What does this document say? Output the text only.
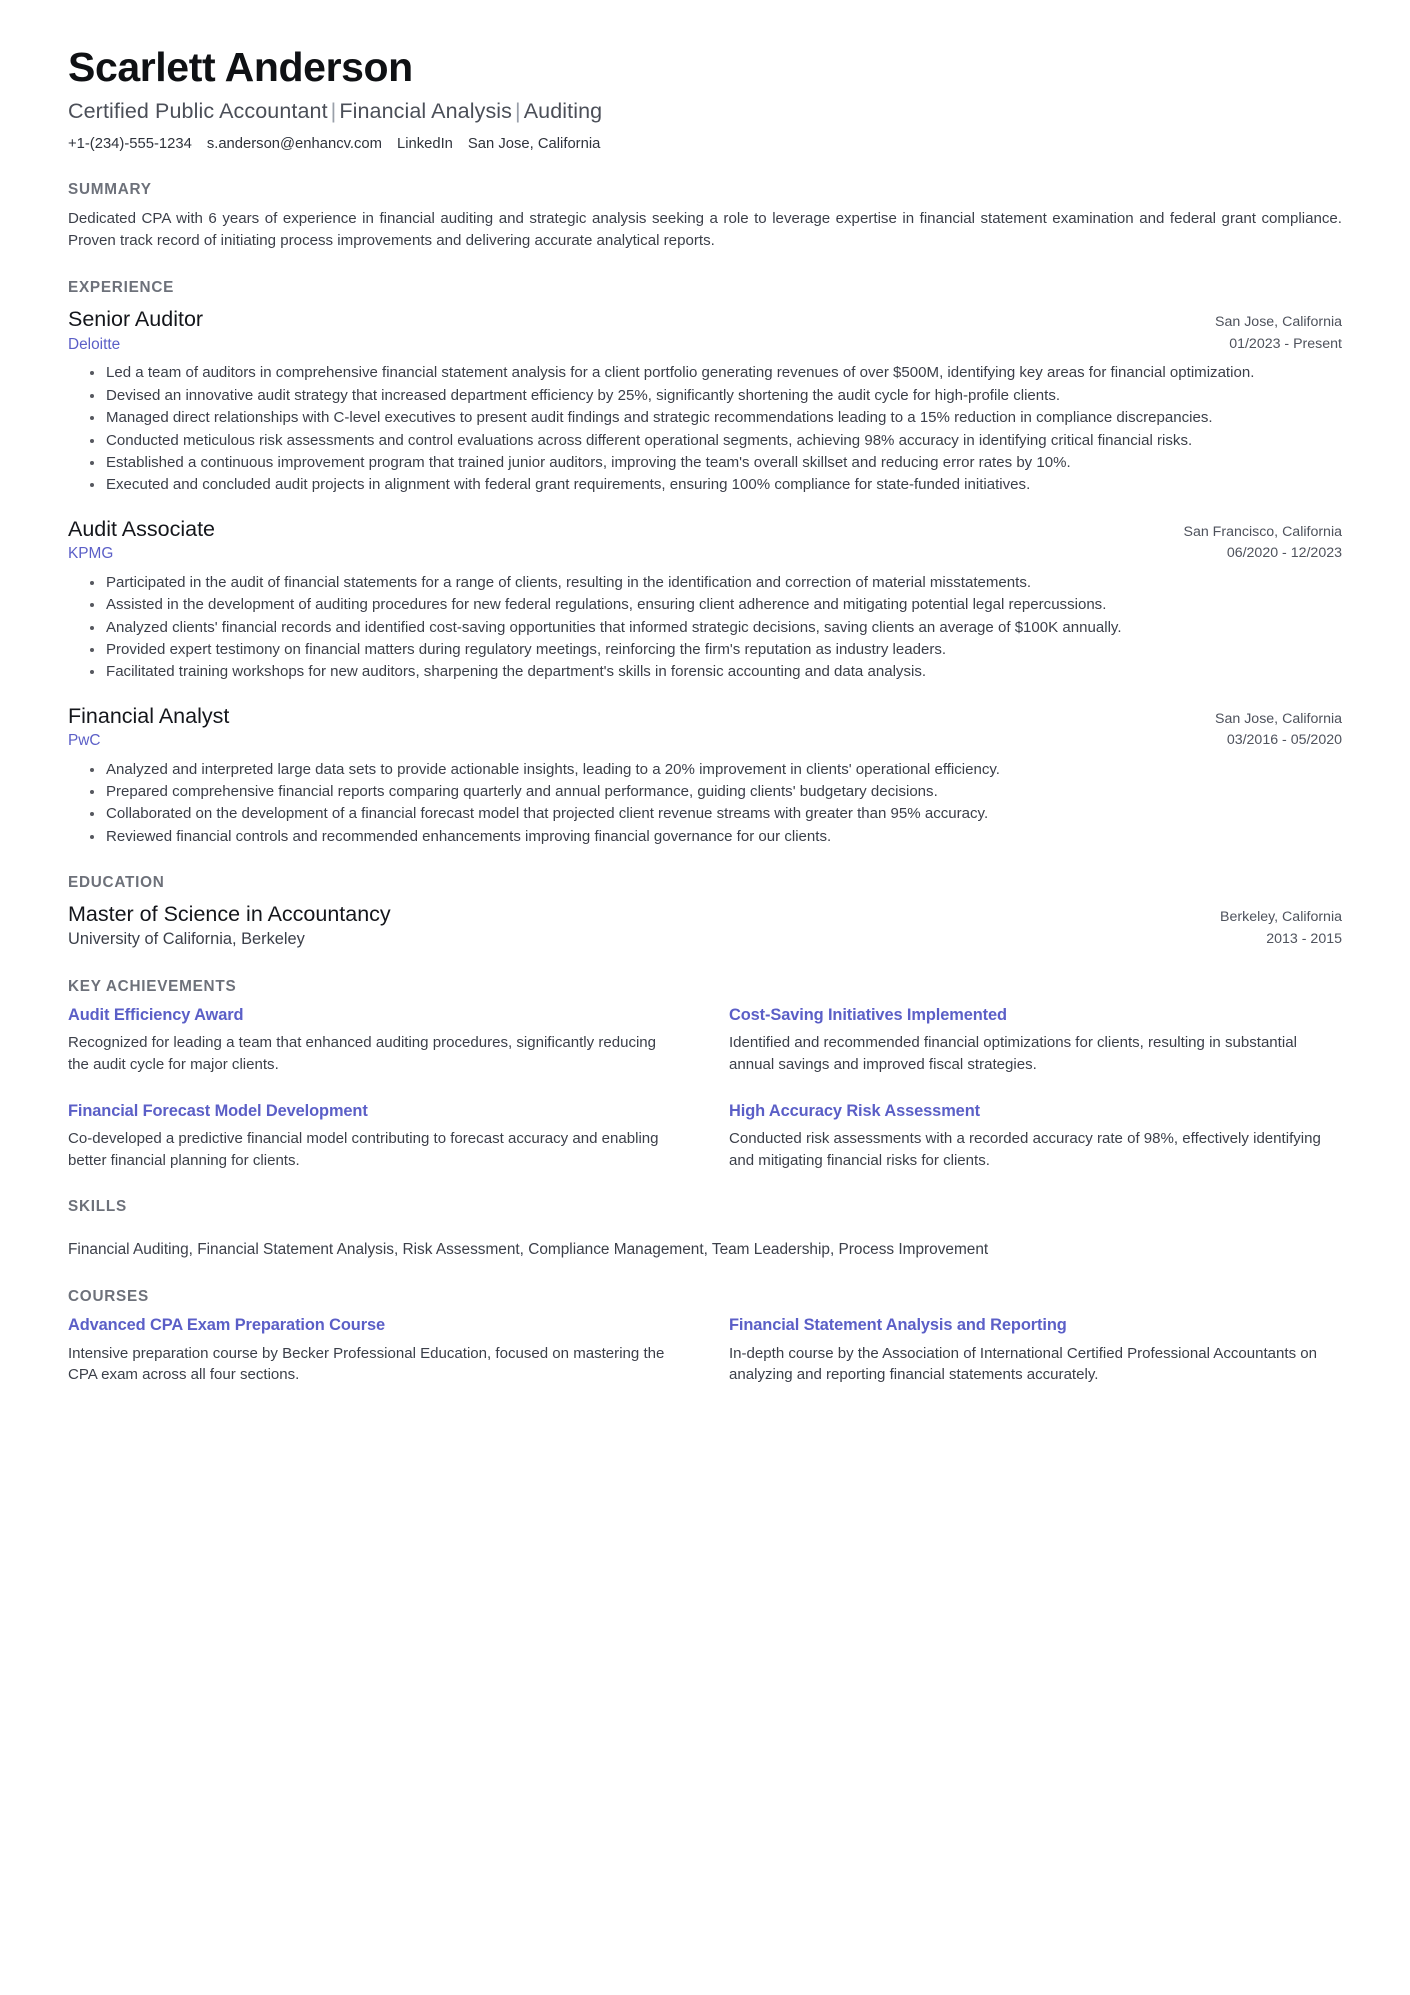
Scarlett Anderson
Certified Public Accountant | Financial Analysis | Auditing
+1-(234)-555-1234 s.anderson@enhancv.com LinkedIn San Jose, California
SUMMARY

Dedicated CPA with 6 years of experience in financial auditing and strategic analysis seeking a role to leverage expertise in financial statement examination and federal grant compliance. Proven track record of initiating process improvements and delivering accurate analytical reports.

EXPERIENCE
Senior Auditor
Deloitte
San Jose, California
01/2023 - Present
Led a team of auditors in comprehensive financial statement analysis for a client portfolio generating revenues of over $500M, identifying key areas for financial optimization.
Devised an innovative audit strategy that increased department efficiency by 25%, significantly shortening the audit cycle for high-profile clients.
Managed direct relationships with C-level executives to present audit findings and strategic recommendations leading to a 15% reduction in compliance discrepancies.
Conducted meticulous risk assessments and control evaluations across different operational segments, achieving 98% accuracy in identifying critical financial risks.
Established a continuous improvement program that trained junior auditors, improving the team's overall skillset and reducing error rates by 10%.
Executed and concluded audit projects in alignment with federal grant requirements, ensuring 100% compliance for state-funded initiatives.
Audit Associate
KPMG
San Francisco, California
06/2020 - 12/2023
Participated in the audit of financial statements for a range of clients, resulting in the identification and correction of material misstatements.
Assisted in the development of auditing procedures for new federal regulations, ensuring client adherence and mitigating potential legal repercussions.
Analyzed clients' financial records and identified cost-saving opportunities that informed strategic decisions, saving clients an average of $100K annually.
Provided expert testimony on financial matters during regulatory meetings, reinforcing the firm's reputation as industry leaders.
Facilitated training workshops for new auditors, sharpening the department's skills in forensic accounting and data analysis.
Financial Analyst
PwC
San Jose, California
03/2016 - 05/2020
Analyzed and interpreted large data sets to provide actionable insights, leading to a 20% improvement in clients' operational efficiency.
Prepared comprehensive financial reports comparing quarterly and annual performance, guiding clients' budgetary decisions.
Collaborated on the development of a financial forecast model that projected client revenue streams with greater than 95% accuracy.
Reviewed financial controls and recommended enhancements improving financial governance for our clients.
EDUCATION
Master of Science in Accountancy
University of California, Berkeley
Berkeley, California
2013 - 2015
KEY ACHIEVEMENTS
Audit Efficiency Award

Recognized for leading a team that enhanced auditing procedures, significantly reducing the audit cycle for major clients.

Cost-Saving Initiatives Implemented

Identified and recommended financial optimizations for clients, resulting in substantial annual savings and improved fiscal strategies.

Financial Forecast Model Development

Co-developed a predictive financial model contributing to forecast accuracy and enabling better financial planning for clients.

High Accuracy Risk Assessment

Conducted risk assessments with a recorded accuracy rate of 98%, effectively identifying and mitigating financial risks for clients.

SKILLS
Financial Auditing, Financial Statement Analysis, Risk Assessment, Compliance Management, Team Leadership, Process Improvement
COURSES
Advanced CPA Exam Preparation Course

Intensive preparation course by Becker Professional Education, focused on mastering the CPA exam across all four sections.

Financial Statement Analysis and Reporting

In-depth course by the Association of International Certified Professional Accountants on analyzing and reporting financial statements accurately.
